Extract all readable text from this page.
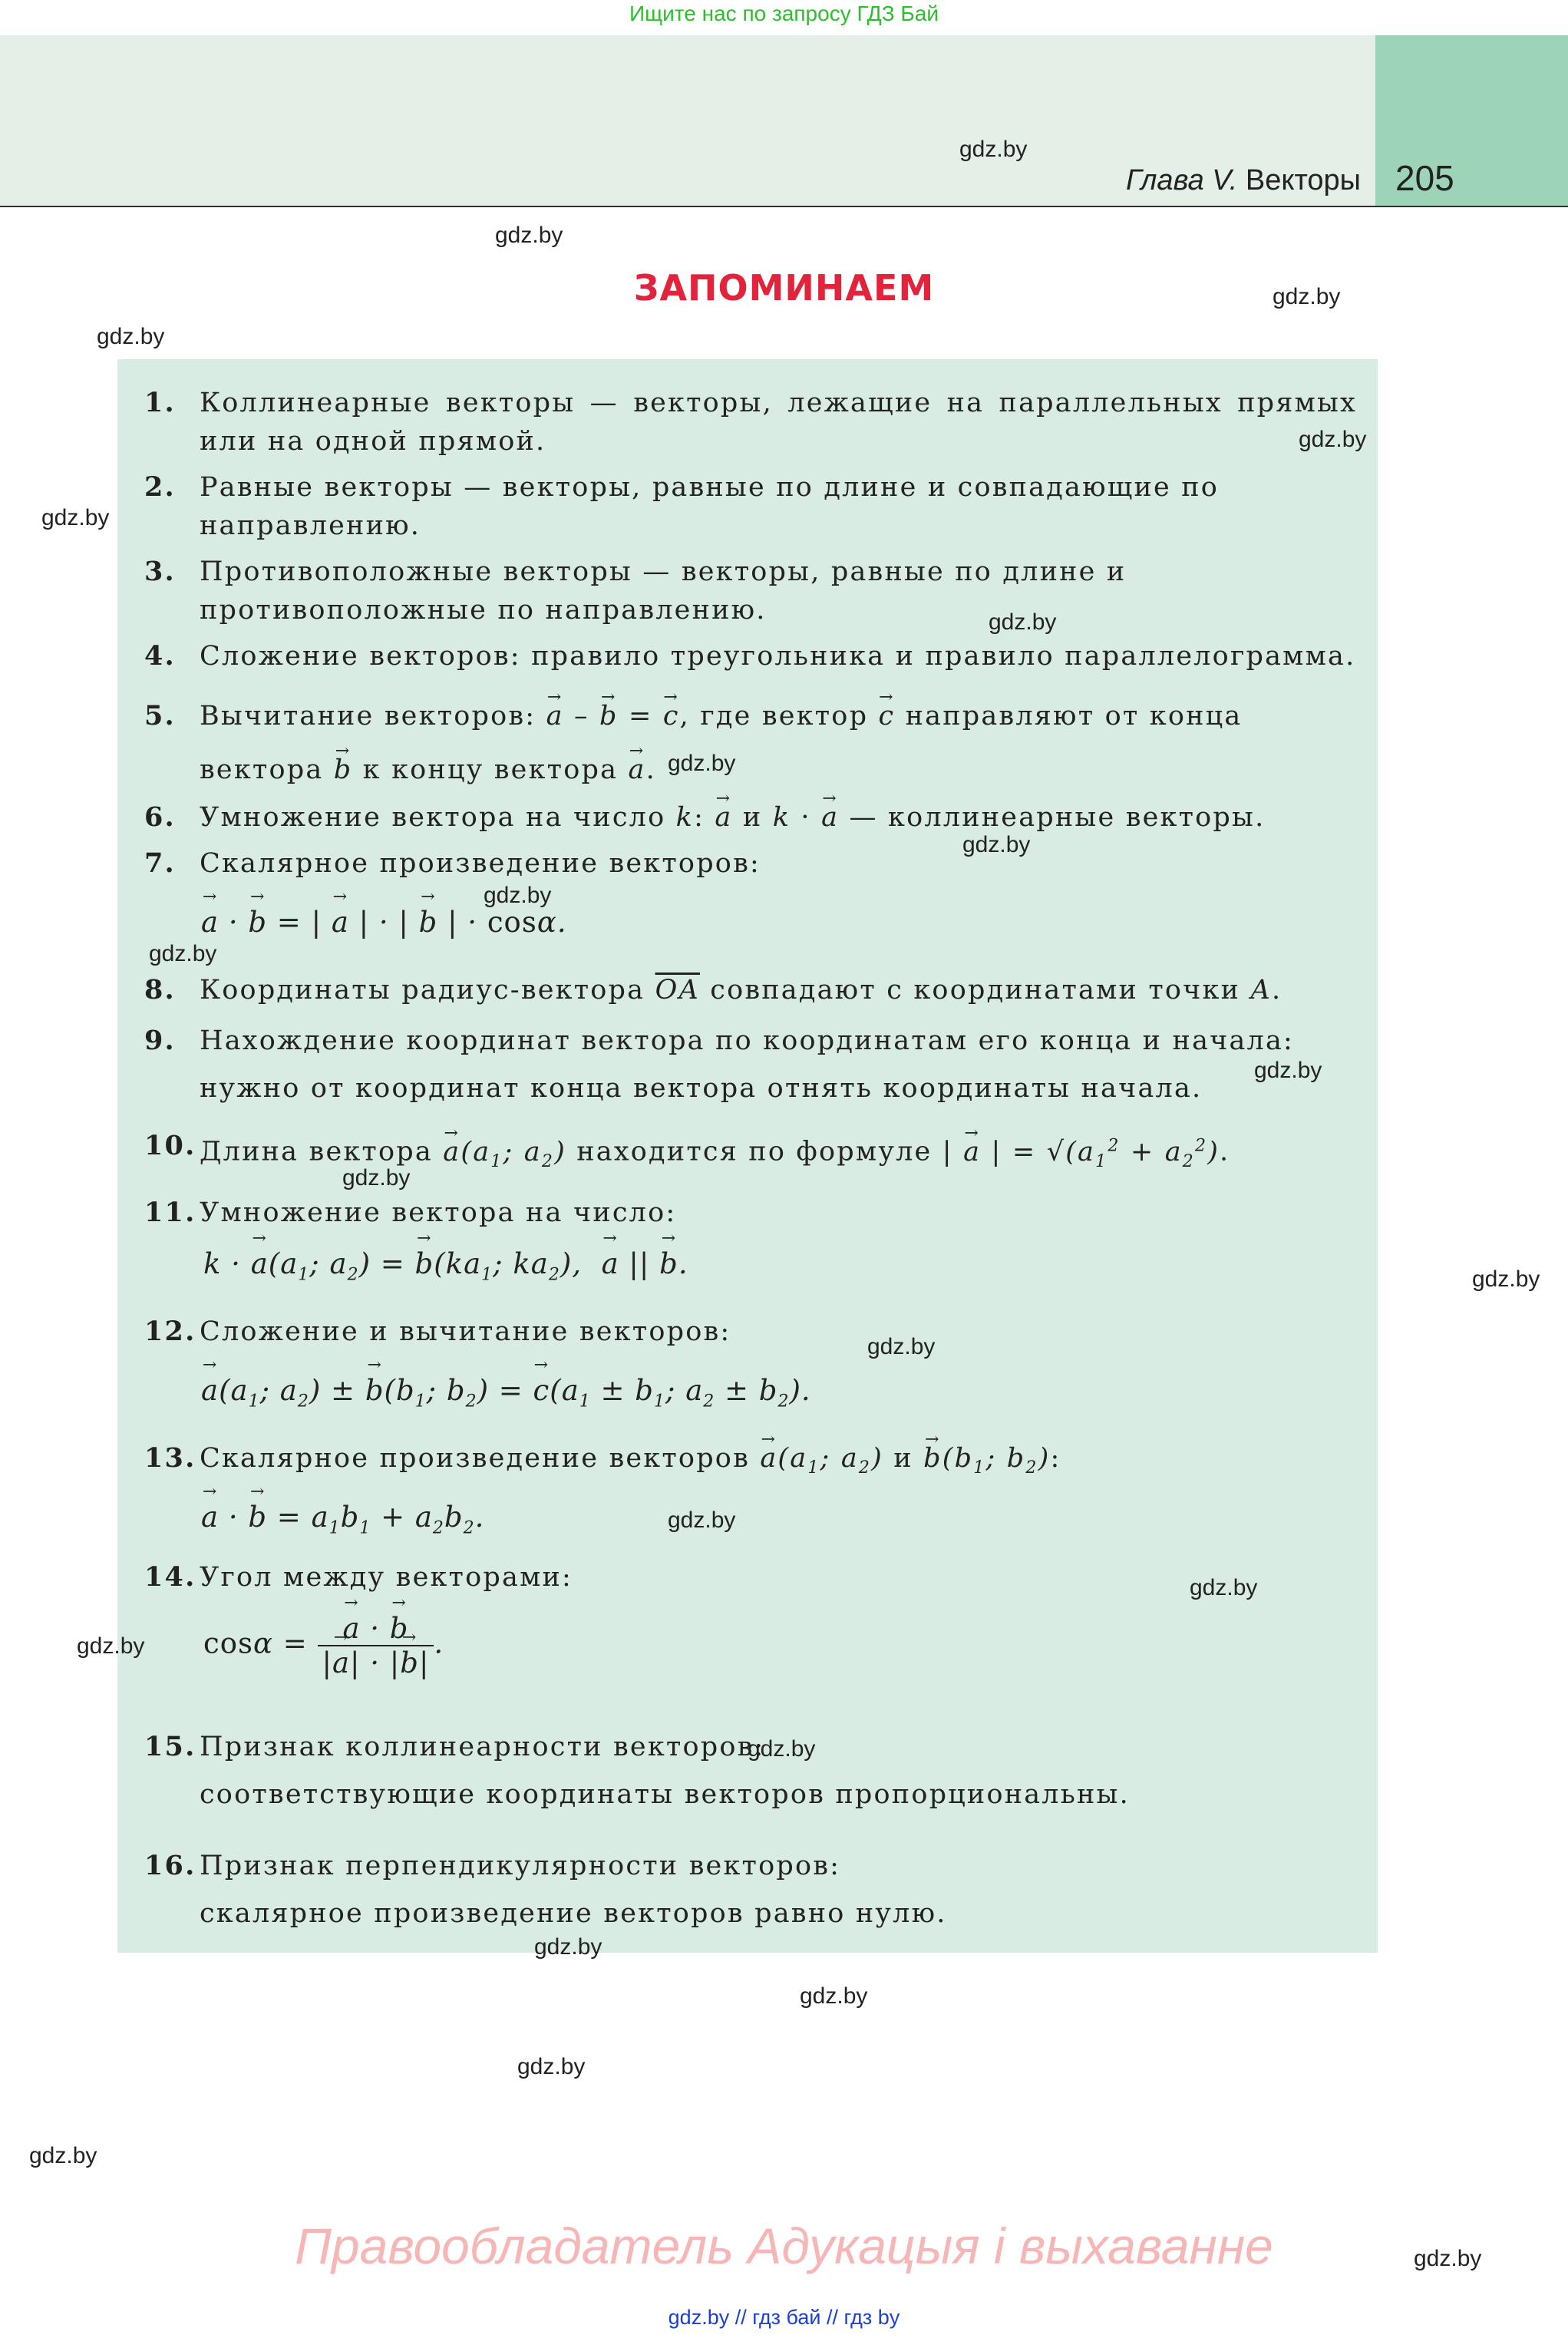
Ищите нас по запросу ГДЗ Бай
Глава V. Векторы 205
ЗАПОМИНАЕМ
1. Коллинеарные векторы — векторы, лежащие на параллельных прямых или на одной прямой.
2. Равные векторы — векторы, равные по длине и совпадающие по направлению.
3. Противоположные векторы — векторы, равные по длине и противоположные по направлению.
4. Сложение векторов: правило треугольника и правило параллелограмма.
5. Вычитание векторов: → a – → b = → c, где вектор → c направляют от конца вектора → b к концу вектора → a.
6. Умножение вектора на число k: → a и k · → a — коллинеарные векторы.
7. Скалярное произведение векторов:
→ a · → b = | → a | · | → b | · cosα.
8. Координаты радиус-вектора $\overline{OA}$ совпадают с координатами точки A.
9. Нахождение координат вектора по координатам его конца и начала: нужно от координат конца вектора отнять координаты начала.
10. Длина вектора → $a(a_1$; $a_2$) находится по формуле | → a | = $√(a_1^2 + a_2^2)$.
11. Умножение вектора на число:
k · → $a(a_1$; $a_2$) = → $b(ka_1$; $ka_2$),  → a || → b.
12. Сложение и вычитание векторов:
→ $a(a_1$; $a_2$) ± → $b(b_1$; $b_2$) = → $c(a_1 \pm b_1$; $a_2 \pm b_2$).
13. Скалярное произведение векторов → $a(a_1$; $a_2$) $и \to b(b_1$; $b_2$):
→ a · → $b = a_1b_1 + a_2b_2$.
14. Угол между векторами:
cosα = → $\frac{a \cdot \to b}{|\to a| \cdot |\to b|}$ .
15. Признак коллинеарности векторов:
соответствующие координаты векторов пропорциональны.
16. Признак перпендикулярности векторов:
скалярное произведение векторов равно нулю.
gdz.by
gdz.by
gdz.by
gdz.by
gdz.by
gdz.by
gdz.by
gdz.by
gdz.by
gdz.by
gdz.by
gdz.by
gdz.by
gdz.by
gdz.by
gdz.by
gdz.by
gdz.by
gdz.by
gdz.by
gdz.by
gdz.by
gdz.by
gdz.by
Правообладатель Адукацыя і выхаванне
gdz.by // гдз бай // гдз by
